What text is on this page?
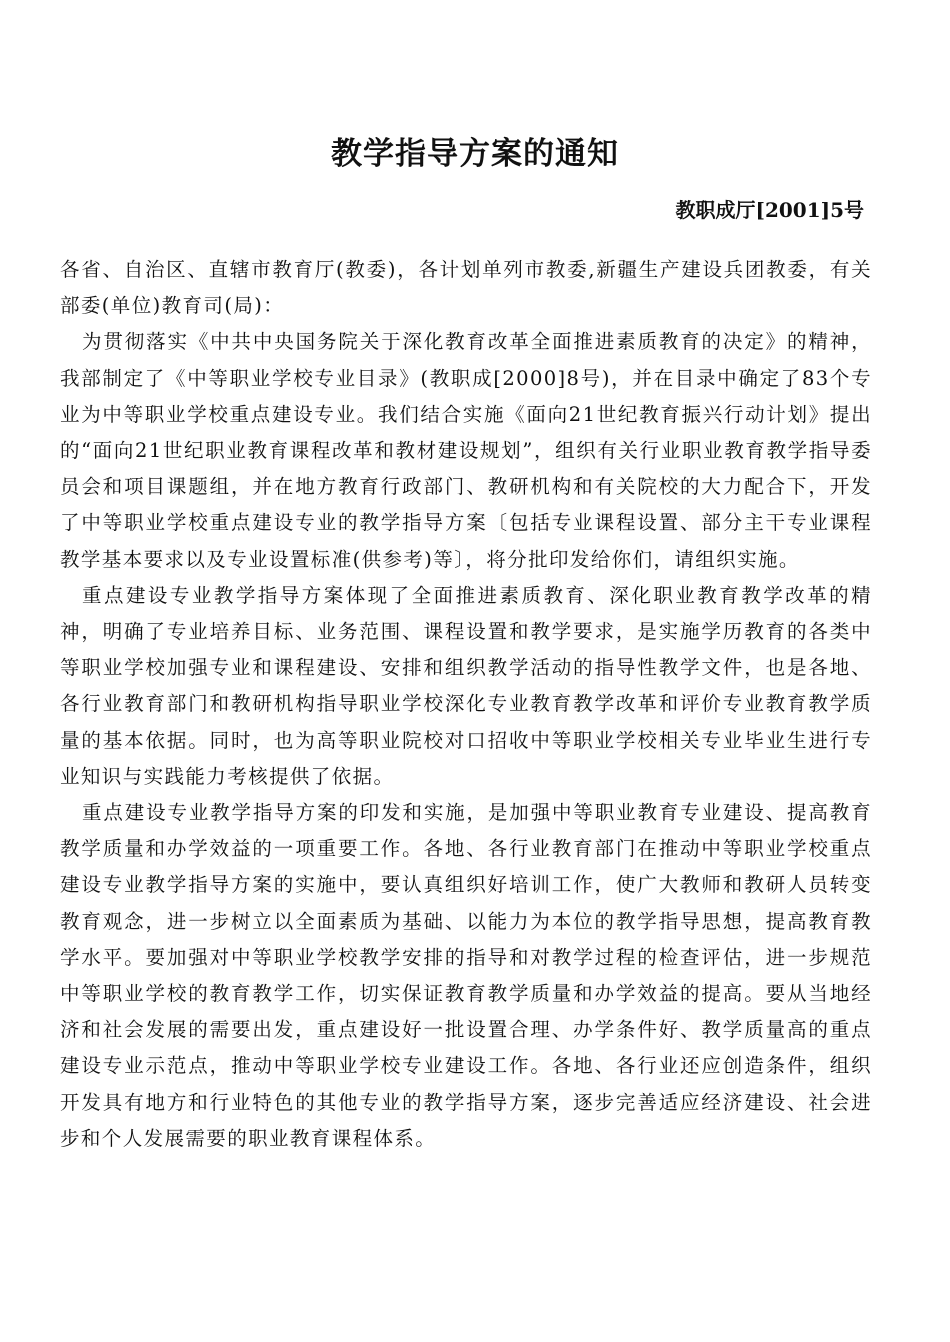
教学指导方案的通知
教职成厅[2001]5号

各省、自治区、直辖市教育厅(教委)，各计划单列市教委,新疆生产建设兵团教委，有关部委(单位)教育司(局)：

为贯彻落实《中共中央国务院关于深化教育改革全面推进素质教育的决定》的精神，我部制定了《中等职业学校专业目录》(教职成[2000]8号)，并在目录中确定了83个专业为中等职业学校重点建设专业。我们结合实施《面向21世纪教育振兴行动计划》提出的“面向21世纪职业教育课程改革和教材建设规划”，组织有关行业职业教育教学指导委员会和项目课题组，并在地方教育行政部门、教研机构和有关院校的大力配合下，开发了中等职业学校重点建设专业的教学指导方案〔包括专业课程设置、部分主干专业课程教学基本要求以及专业设置标准(供参考)等〕，将分批印发给你们，请组织实施。

重点建设专业教学指导方案体现了全面推进素质教育、深化职业教育教学改革的精神，明确了专业培养目标、业务范围、课程设置和教学要求，是实施学历教育的各类中等职业学校加强专业和课程建设、安排和组织教学活动的指导性教学文件，也是各地、各行业教育部门和教研机构指导职业学校深化专业教育教学改革和评价专业教育教学质量的基本依据。同时，也为高等职业院校对口招收中等职业学校相关专业毕业生进行专业知识与实践能力考核提供了依据。

重点建设专业教学指导方案的印发和实施，是加强中等职业教育专业建设、提高教育教学质量和办学效益的一项重要工作。各地、各行业教育部门在推动中等职业学校重点建设专业教学指导方案的实施中，要认真组织好培训工作，使广大教师和教研人员转变教育观念，进一步树立以全面素质为基础、以能力为本位的教学指导思想，提高教育教学水平。要加强对中等职业学校教学安排的指导和对教学过程的检查评估，进一步规范中等职业学校的教育教学工作，切实保证教育教学质量和办学效益的提高。要从当地经济和社会发展的需要出发，重点建设好一批设置合理、办学条件好、教学质量高的重点建设专业示范点，推动中等职业学校专业建设工作。各地、各行业还应创造条件，组织开发具有地方和行业特色的其他专业的教学指导方案，逐步完善适应经济建设、社会进步和个人发展需要的职业教育课程体系。
